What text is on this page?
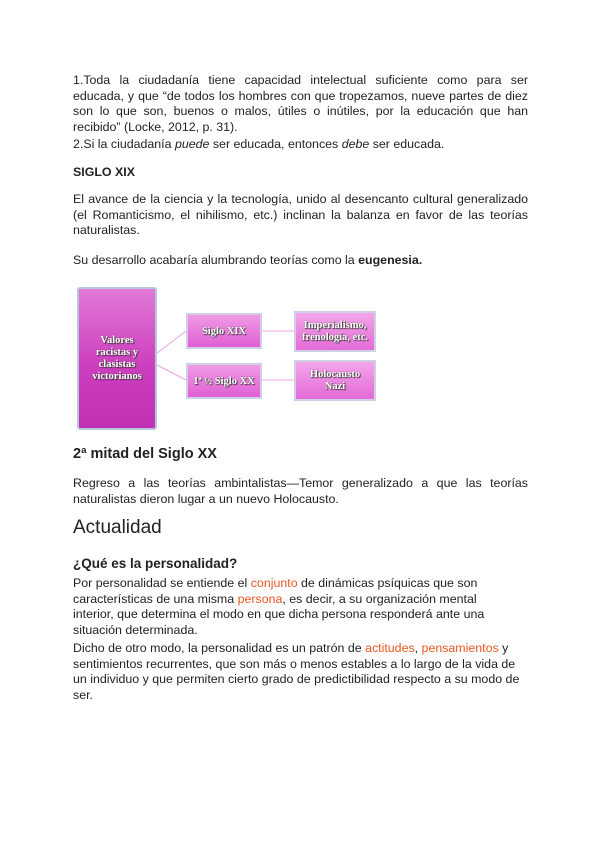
1.Toda la ciudadanía tiene capacidad intelectual suficiente como para ser educada, y que “de todos los hombres con que tropezamos, nueve partes de diez son lo que son, buenos o malos, útiles o inútiles, por la educación que han recibido” (Locke, 2012, p. 31).

2.Si la ciudadanía puede ser educada, entonces debe ser educada.

SIGLO XIX

El avance de la ciencia y la tecnología, unido al desencanto cultural generalizado (el Romanticismo, el nihilismo, etc.) inclinan la balanza en favor de las teorías naturalistas.

Su desarrollo acabaría alumbrando teorías como la eugenesia.

Valores racistas y clasistas victorianos
Siglo XIX
1ª ½ Siglo XX
Imperialismo, frenología, etc.
Holocausto Nazi
2ª mitad del Siglo XX

Regreso a las teorías ambintalistas—Temor generalizado a que las teorías naturalistas dieron lugar a un nuevo Holocausto.

Actualidad
¿Qué es la personalidad?

Por personalidad se entiende el conjunto de dinámicas psíquicas que son características de una misma persona, es decir, a su organización mental interior, que determina el modo en que dicha persona responderá ante una situación determinada.

Dicho de otro modo, la personalidad es un patrón de actitudes, pensamientos y sentimientos recurrentes, que son más o menos estables a lo largo de la vida de un individuo y que permiten cierto grado de predictibilidad respecto a su modo de ser.
